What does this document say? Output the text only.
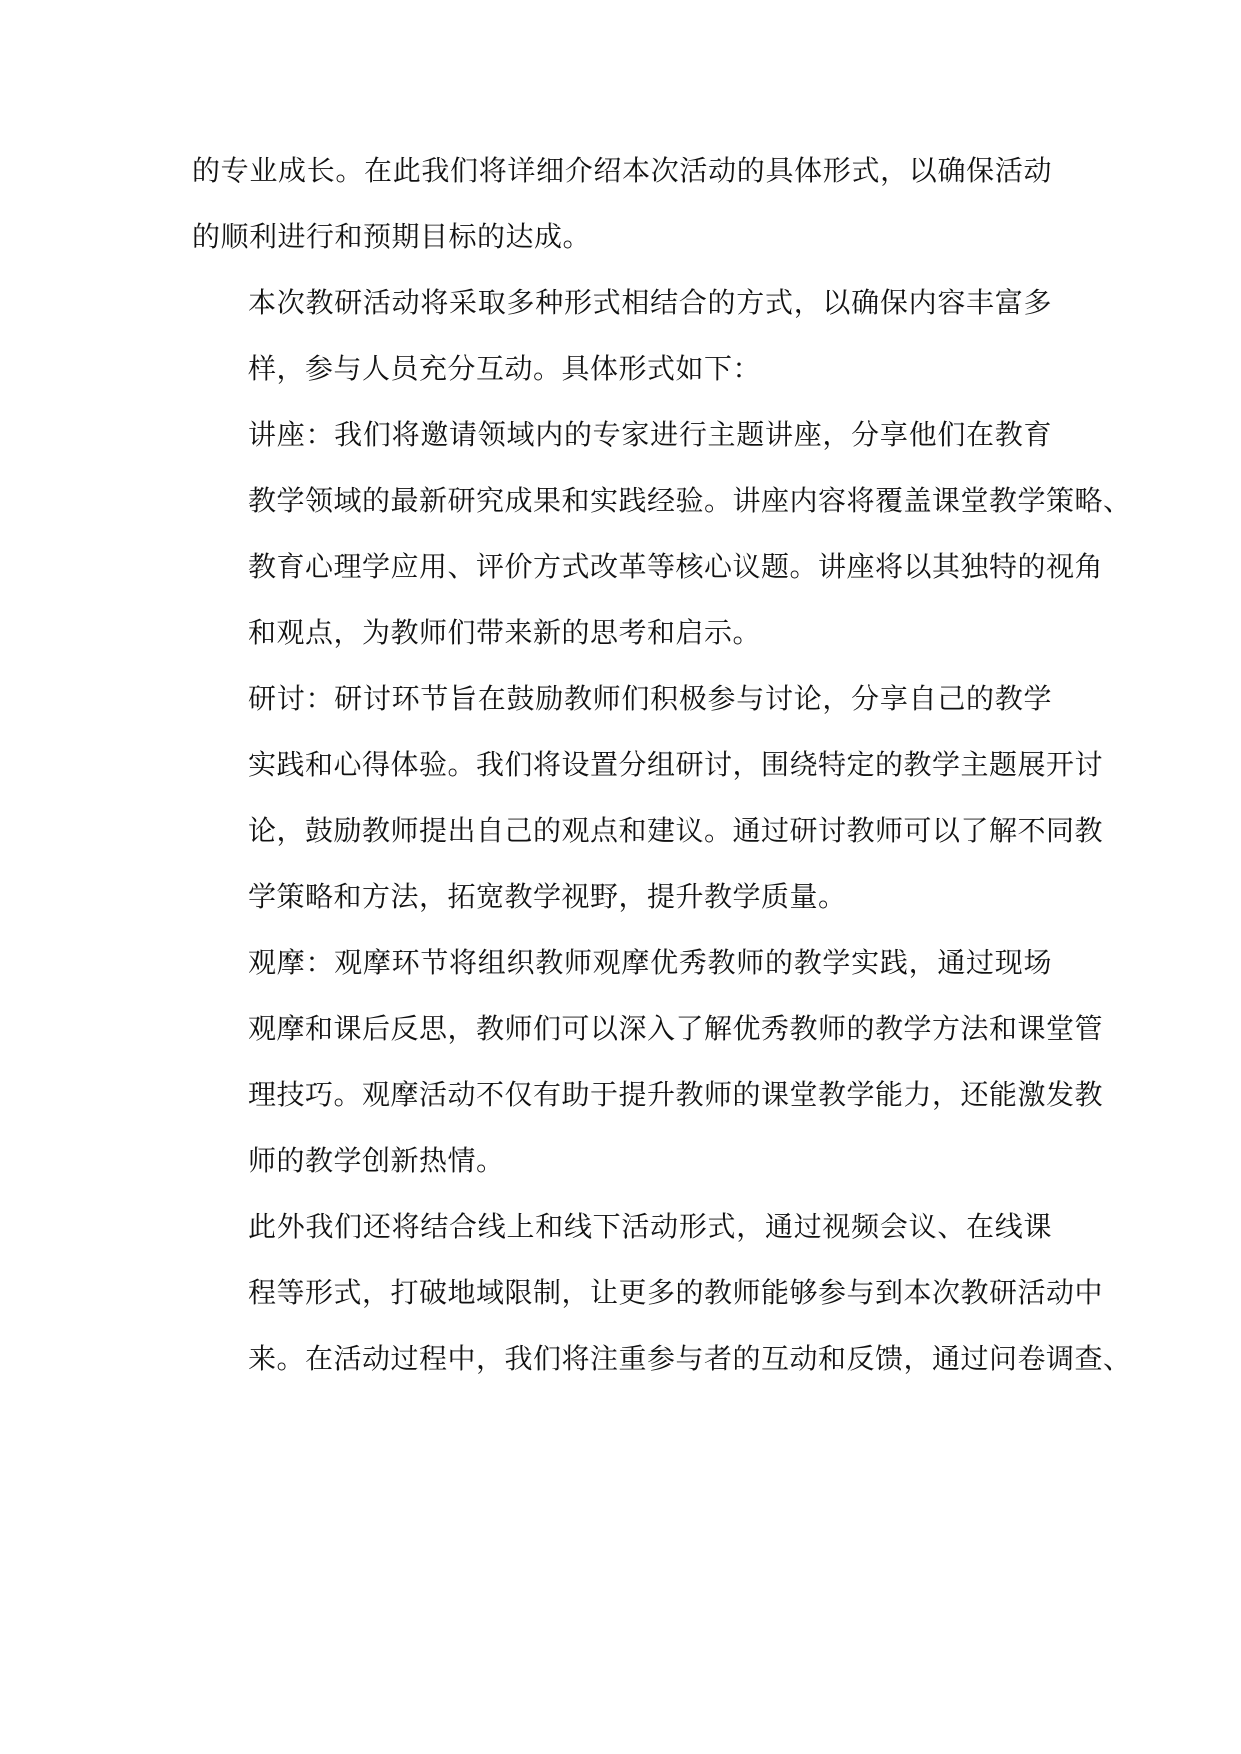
的专业成长。在此我们将详细介绍本次活动的具体形式，以确保活动
的顺利进行和预期目标的达成。
本次教研活动将采取多种形式相结合的方式，以确保内容丰富多
样，参与人员充分互动。具体形式如下：
讲座：我们将邀请领域内的专家进行主题讲座，分享他们在教育
教学领域的最新研究成果和实践经验。讲座内容将覆盖课堂教学策略、
教育心理学应用、评价方式改革等核心议题。讲座将以其独特的视角
和观点，为教师们带来新的思考和启示。
研讨：研讨环节旨在鼓励教师们积极参与讨论，分享自己的教学
实践和心得体验。我们将设置分组研讨，围绕特定的教学主题展开讨
论，鼓励教师提出自己的观点和建议。通过研讨教师可以了解不同教
学策略和方法，拓宽教学视野，提升教学质量。
观摩：观摩环节将组织教师观摩优秀教师的教学实践，通过现场
观摩和课后反思，教师们可以深入了解优秀教师的教学方法和课堂管
理技巧。观摩活动不仅有助于提升教师的课堂教学能力，还能激发教
师的教学创新热情。
此外我们还将结合线上和线下活动形式，通过视频会议、在线课
程等形式，打破地域限制，让更多的教师能够参与到本次教研活动中
来。在活动过程中，我们将注重参与者的互动和反馈，通过问卷调查、
